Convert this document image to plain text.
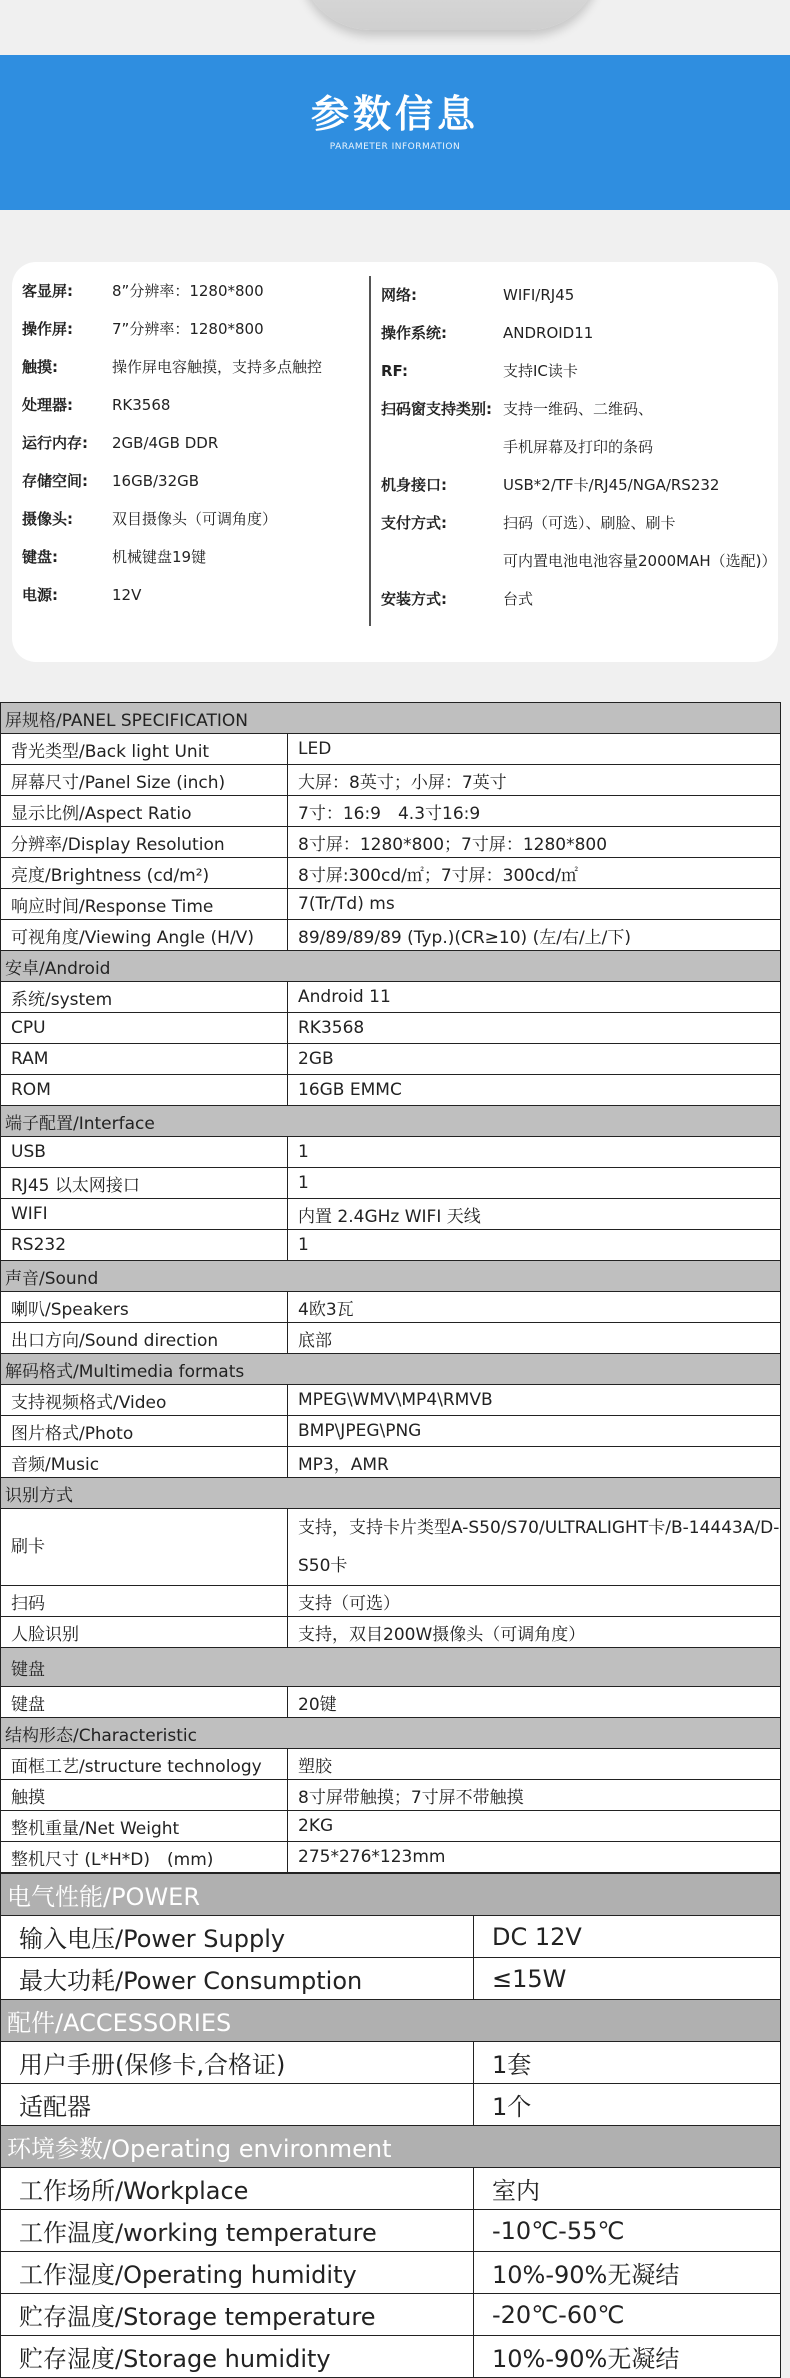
参数信息
PARAMETER INFORMATION
客显屏:	8”分辨率：1280*800
操作屏:	7”分辨率：1280*800
触摸:	操作屏电容触摸，支持多点触控
处理器:	RK3568
运行内存: 2GB/4GB DDR
存储空间: 16GB/32GB
摄像头:	双目摄像头（可调角度）
键盘:	机械键盘19键
电源:	12V
网络:	WIFI/RJ45
操作系统:	ANDROID11
RF:	支持IC读卡
扫码窗支持类别: 支持一维码、二维码、
手机屏幕及打印的条码
机身接口:	USB*2/TF卡/RJ45/NGA/RS232
支付方式:	扫码（可选）、刷脸、刷卡
可内置电池电池容量2000MAH（选配)）
安装方式:	台式
屏规格/PANEL SPECIFICATION	
背光类型/Back light Unit	LED
屏幕尺寸/Panel Size (inch)	大屏：8英寸；小屏：7英寸
显示比例/Aspect Ratio	7寸：16:9　4.3寸16:9
分辨率/Display Resolution	8寸屏：1280*800；7寸屏：1280*800
亮度/Brightness (cd/m²)	8寸屏:300cd/㎡；7寸屏：300cd/㎡
响应时间/Response Time	7(Tr/Td) ms
可视角度/Viewing Angle (H/V)	89/89/89/89 (Typ.)(CR≥10) (左/右/上/下)
安卓/Android	
系统/system	Android 11
CPU	RK3568
RAM	2GB
ROM	16GB EMMC
端子配置/Interface	
USB	1
RJ45 以太网接口	1
WIFI	内置 2.4GHz WIFI 天线
RS232	1
声音/Sound	
喇叭/Speakers	4欧3瓦
出口方向/Sound direction	底部
解码格式/Multimedia formats	
支持视频格式/Video	MPEG\WMV\MP4\RMVB
图片格式/Photo	BMP\JPEG\PNG
音频/Music	MP3，AMR
识别方式	
刷卡	支持，支持卡片类型A-S50/S70/ULTRALIGHT卡/B-14443A/D-S50卡
扫码	支持（可选）
人脸识别	支持，双目200W摄像头（可调角度）
键盘	
键盘	20键
结构形态/Characteristic	
面框工艺/structure technology	塑胶
触摸	8寸屏带触摸；7寸屏不带触摸
整机重量/Net Weight	2KG
整机尺寸 (L*H*D)　(mm)	275*276*123mm
电气性能/POWER	
输入电压/Power Supply	DC 12V
最大功耗/Power Consumption	≤15W
配件/ACCESSORIES	
用户手册(保修卡,合格证)	1套
适配器	1个
环境参数/Operating environment	
工作场所/Workplace	室内
工作温度/working temperature	-10℃-55℃
工作湿度/Operating humidity	10%-90%无凝结
贮存温度/Storage temperature	-20℃-60℃
贮存湿度/Storage humidity	10%-90%无凝结
